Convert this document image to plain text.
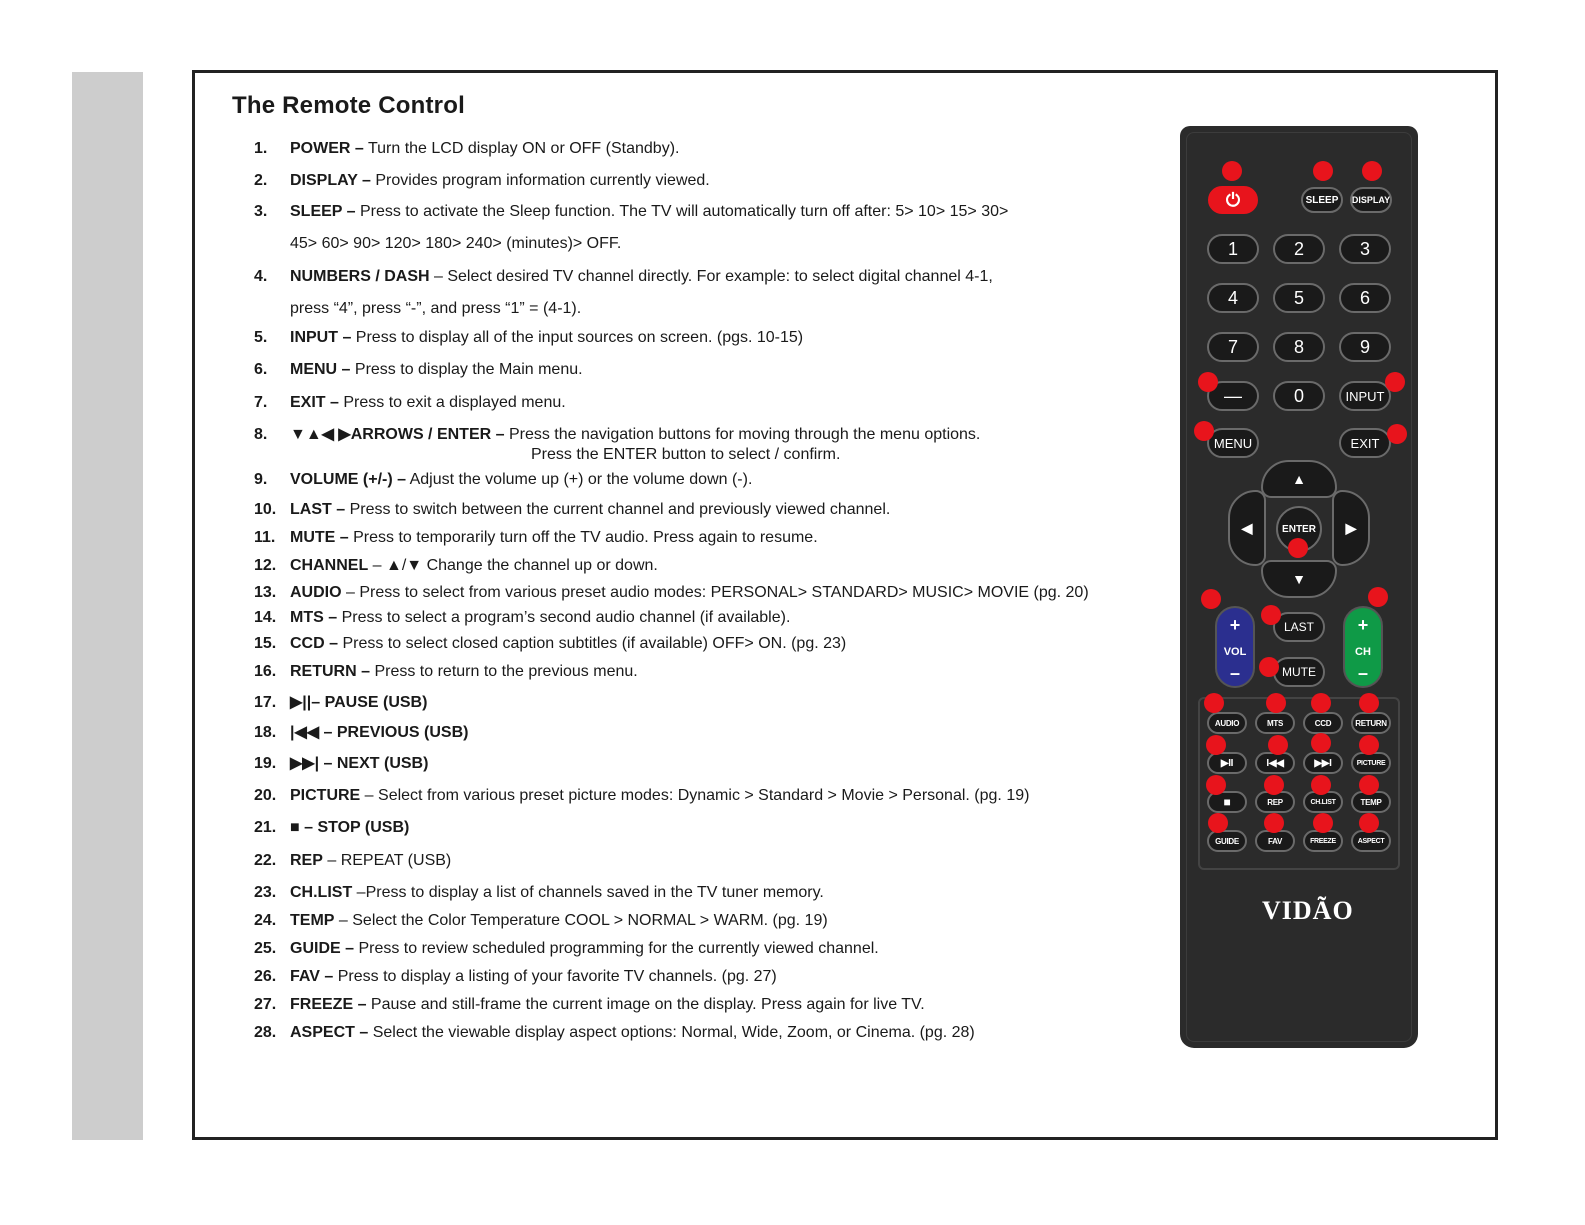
The Remote Control
1. POWER – Turn the LCD display ON or OFF (Standby).
2. DISPLAY – Provides program information currently viewed.
3. SLEEP – Press to activate the Sleep function. The TV will automatically turn off after: 5> 10> 15> 30>
45> 60> 90> 120> 180> 240> (minutes)> OFF.
4. NUMBERS / DASH – Select desired TV channel directly. For example: to select digital channel 4-1,
press “4”, press “-”, and press “1” = (4-1).
5. INPUT – Press to display all of the input sources on screen. (pgs. 10-15)
6. MENU – Press to display the Main menu.
7. EXIT – Press to exit a displayed menu.
8. ▼▲◀ ▶ARROWS / ENTER – Press the navigation buttons for moving through the menu options.
Press the ENTER button to select / confirm.
9. VOLUME (+/-) – Adjust the volume up (+) or the volume down (-).
10. LAST – Press to switch between the current channel and previously viewed channel.
11. MUTE – Press to temporarily turn off the TV audio. Press again to resume.
12. CHANNEL – ▲/▼ Change the channel up or down.
13. AUDIO – Press to select from various preset audio modes: PERSONAL> STANDARD> MUSIC> MOVIE (pg. 20)
14. MTS – Press to select a program’s second audio channel (if available).
15. CCD – Press to select closed caption subtitles (if available) OFF> ON. (pg. 23)
16. RETURN – Press to return to the previous menu.
17. ▶||– PAUSE (USB)
18. |◀◀ – PREVIOUS (USB)
19. ▶▶| – NEXT (USB)
20. PICTURE – Select from various preset picture modes: Dynamic > Standard > Movie > Personal. (pg. 19)
21. ■ – STOP (USB)
22. REP – REPEAT (USB)
23. CH.LIST –Press to display a list of channels saved in the TV tuner memory.
24. TEMP – Select the Color Temperature COOL > NORMAL > WARM. (pg. 19)
25. GUIDE – Press to review scheduled programming for the currently viewed channel.
26. FAV – Press to display a listing of your favorite TV channels. (pg. 27)
27. FREEZE – Pause and still-frame the current image on the display. Press again for live TV.
28. ASPECT – Select the viewable display aspect options: Normal, Wide, Zoom, or Cinema. (pg. 28)
⏻	SLEEP	DISPLAY
1	2	3
4	5	6
7	8	9
—	0	INPUT
MENU	EXIT
▲
▼
◀	▶
ENTER
+
VOL
–
+
CH
–
LAST
MUTE
AUDIO	MTS	CCD	RETURN
▶II	I◀◀	▶▶I	PICTURE
■	REP	CH.LIST	TEMP
GUIDE	FAV	FREEZE	ASPECT
VIDÃO
